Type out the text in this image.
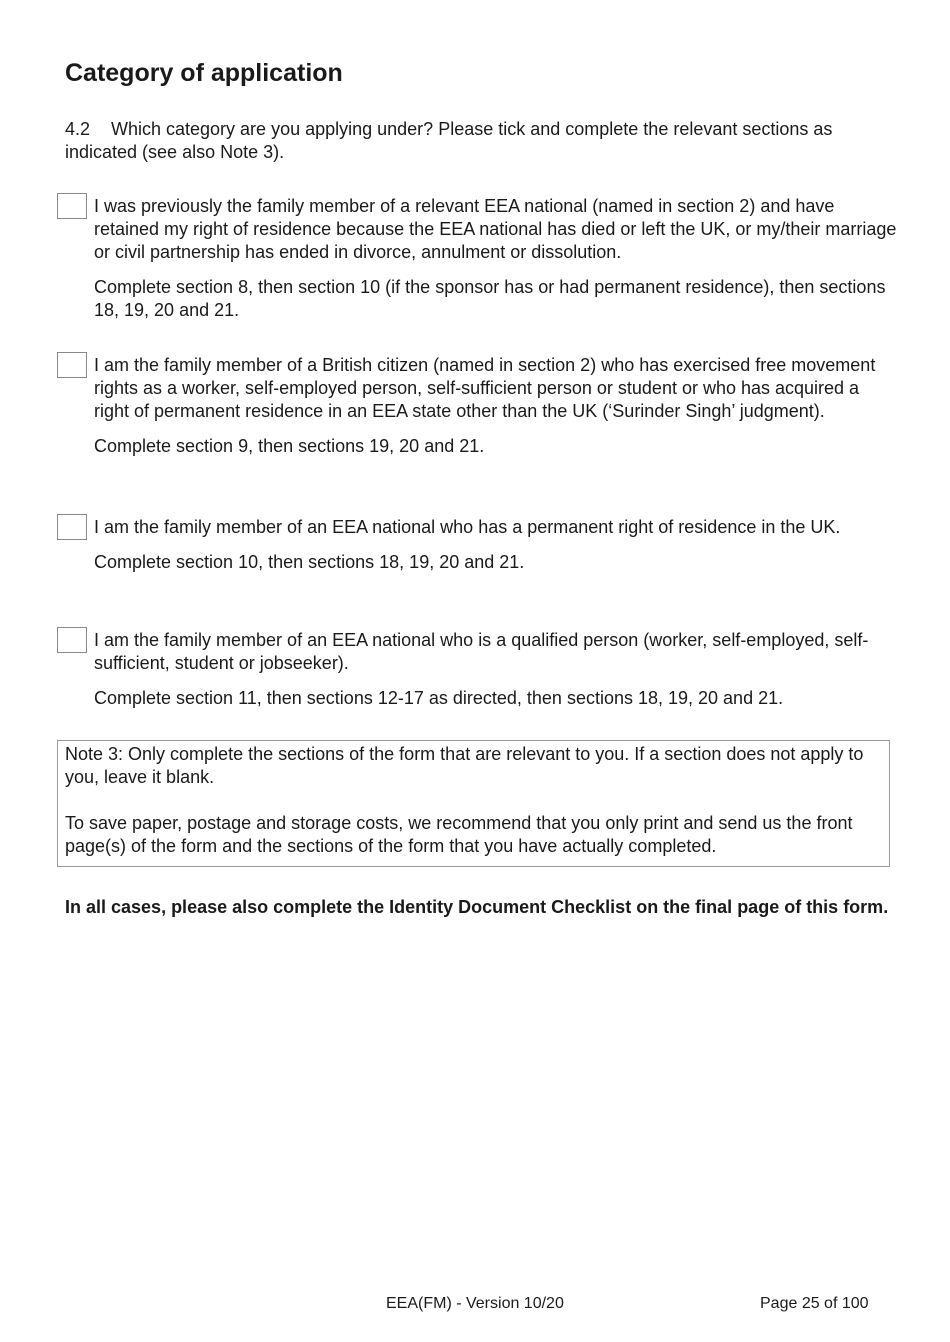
Category of application

4.2 Which category are you applying under? Please tick and complete the relevant sections as indicated (see also Note 3).

I was previously the family member of a relevant EEA national (named in section 2) and have retained my right of residence because the EEA national has died or left the UK, or my/their marriage or civil partnership has ended in divorce, annulment or dissolution.

Complete section 8, then section 10 (if the sponsor has or had permanent residence), then sections 18, 19, 20 and 21.

I am the family member of a British citizen (named in section 2) who has exercised free movement rights as a worker, self-employed person, self-sufficient person or student or who has acquired a right of permanent residence in an EEA state other than the UK (‘Surinder Singh’ judgment).

Complete section 9, then sections 19, 20 and 21.

I am the family member of an EEA national who has a permanent right of residence in the UK.

Complete section 10, then sections 18, 19, 20 and 21.

I am the family member of an EEA national who is a qualified person (worker, self-employed, self-sufficient, student or jobseeker).

Complete section 11, then sections 12-17 as directed, then sections 18, 19, 20 and 21.

Note 3: Only complete the sections of the form that are relevant to you. If a section does not apply to you, leave it blank.

To save paper, postage and storage costs, we recommend that you only print and send us the front page(s) of the form and the sections of the form that you have actually completed.

In all cases, please also complete the Identity Document Checklist on the final page of this form.

EEA(FM) - Version 10/20	Page 25 of 100
